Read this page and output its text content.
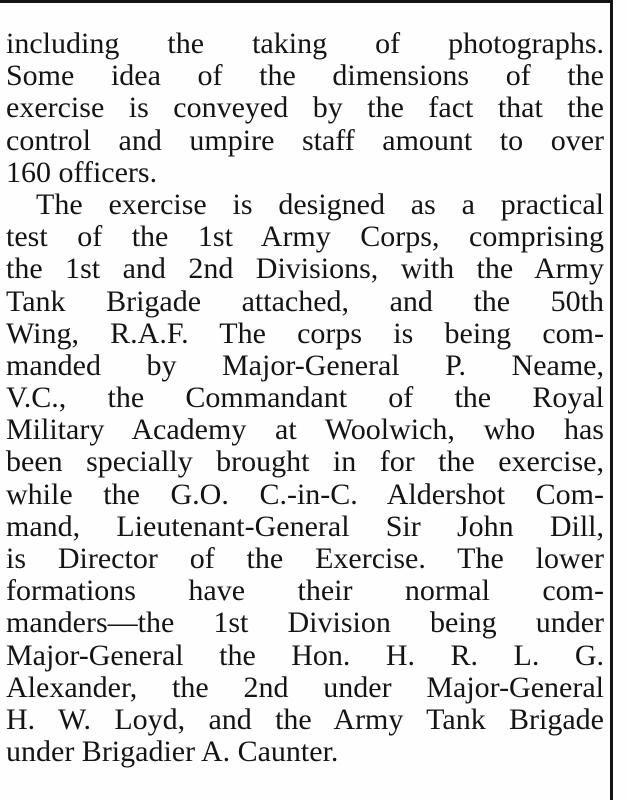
including the taking of photographs.
Some idea of the dimensions of the
exercise is conveyed by the fact that the
control and umpire staff amount to over
160 officers.
The exercise is designed as a practical
test of the 1st Army Corps, comprising
the 1st and 2nd Divisions, with the Army
Tank Brigade attached, and the 50th
Wing, R.A.F. The corps is being com-
manded by Major-General P. Neame,
V.C., the Commandant of the Royal
Military Academy at Woolwich, who has
been specially brought in for the exercise,
while the G.O. C.-in-C. Aldershot Com-
mand, Lieutenant-General Sir John Dill,
is Director of the Exercise. The lower
formations have their normal com-
manders—the 1st Division being under
Major-General the Hon. H. R. L. G.
Alexander, the 2nd under Major-General
H. W. Loyd, and the Army Tank Brigade
under Brigadier A. Caunter.
